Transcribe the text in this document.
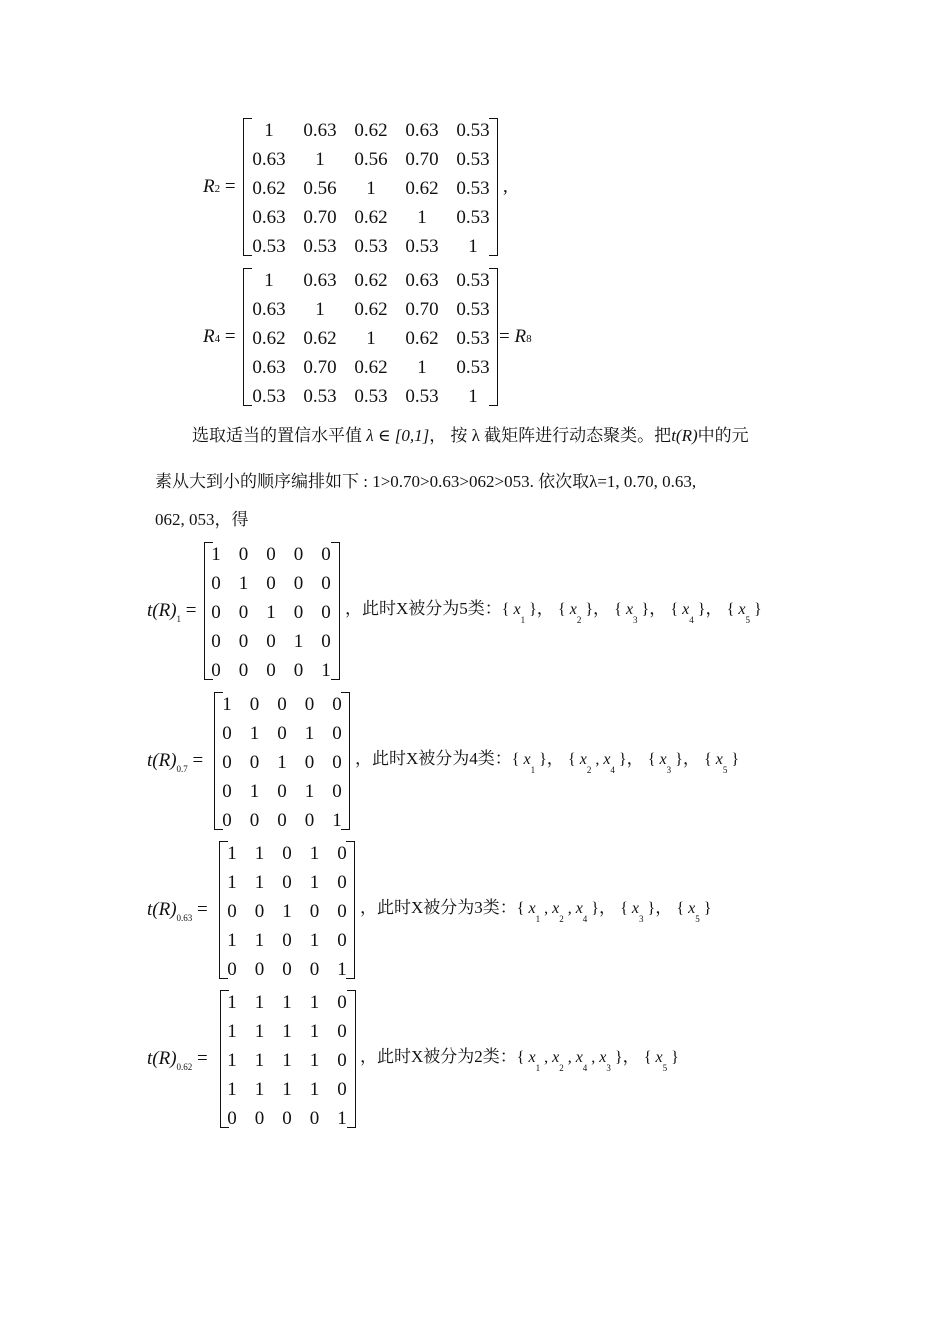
选取适当的置信水平值 λ ∈ [0,1]， 按 λ 截矩阵进行动态聚类。把t(R)中的元
素从大到小的顺序编排如下 : 1>0.70>0.63>062>053. 依次取λ=1, 0.70, 0.63,
062, 053，得
R2 =
1	0.63 0.62 0.63 0.53
0.63	1	0.56 0.70 0.53
0.62 0.56	1	0.62 0.53
0.63 0.70 0.62	1	0.53
0.53 0.53 0.53 0.53	1
,
R4 =
1	0.63 0.62 0.63 0.53
0.63	1	0.62 0.70 0.53
0.62 0.62	1	0.62 0.53
0.63 0.70 0.62	1	0.53
0.53 0.53 0.53 0.53	1
= R8
$t(R)_1$ =
1 0 0 0 0
0 1 0 0 0
0 0 1 0 0
0 0 0 1 0
0 0 0 0 1
，此时X被分为5类：{ $x_1$ }， { $x_2$ }， { $x_3$ }， { $x_4$ }， { $x_5$ }
$t(R)_{0.7}$ =
1 0 0 0 0
0 1 0 1 0
0 0 1 0 0
0 1 0 1 0
0 0 0 0 1
，此时X被分为4类：{ $x_1$ }， { $x_2$ , $x_4$ }， { $x_3$ }， { $x_5$ }
$t(R)_{0.63}$ =
1 1 0 1 0
1 1 0 1 0
0 0 1 0 0
1 1 0 1 0
0 0 0 0 1
，此时X被分为3类：{ $x_1$ , $x_2$ , $x_4$ }， { $x_3$ }， { $x_5$ }
$t(R)_{0.62}$ =
1 1 1 1 0
1 1 1 1 0
1 1 1 1 0
1 1 1 1 0
0 0 0 0 1
，此时X被分为2类：{ $x_1$ , $x_2$ , $x_4$ , $x_3$ }， { $x_5$ }
